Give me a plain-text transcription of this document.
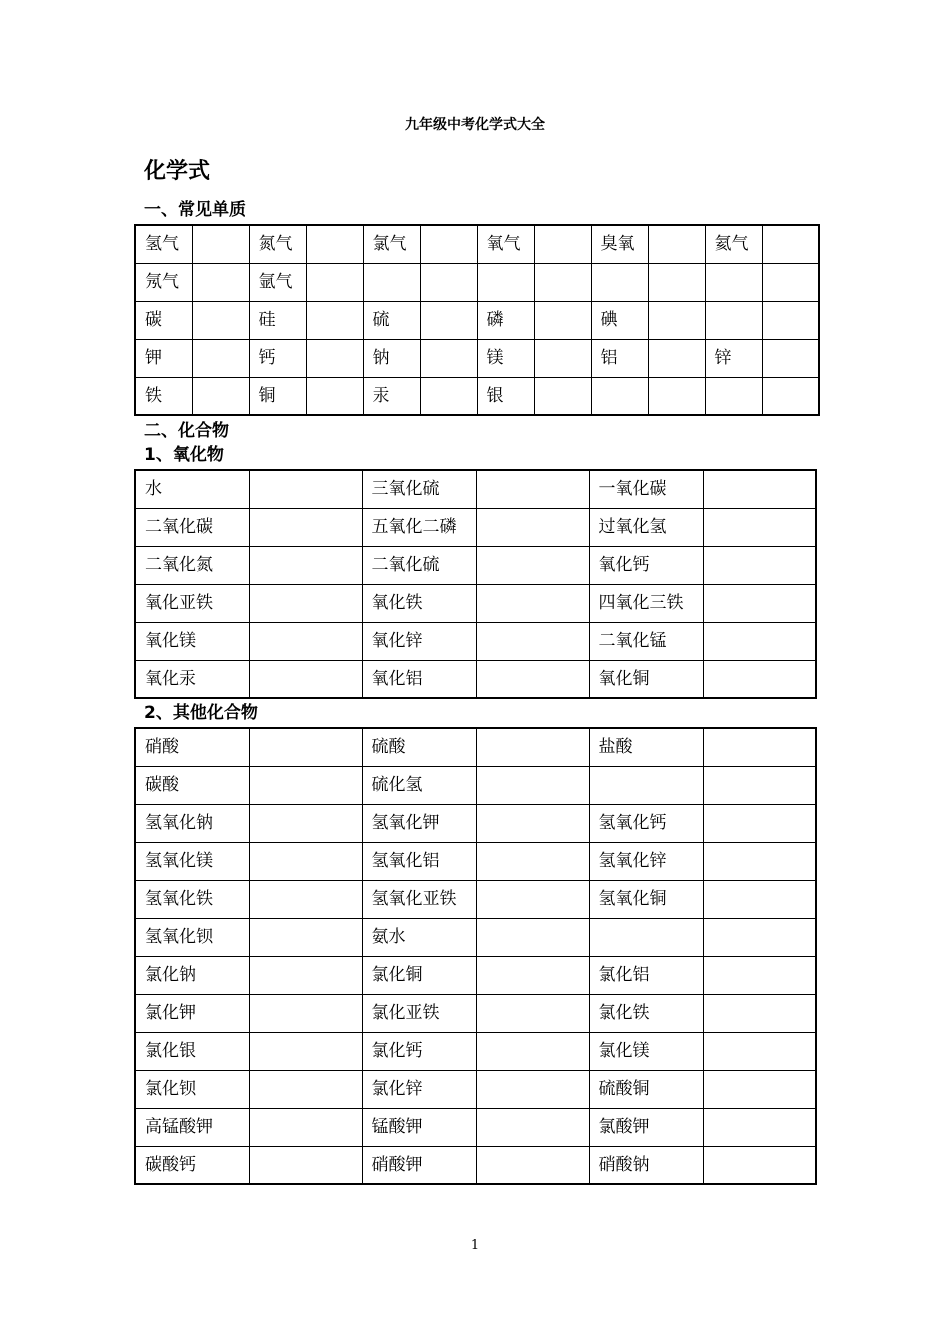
九年级中考化学式大全
化学式
一、常见单质
氢气		氮气		氯气		氧气		臭氧		氦气	
氖气		氩气									
碳		硅		硫		磷		碘			
钾		钙		钠		镁		铝		锌	
铁		铜		汞		银					
二、化合物
1、氧化物
水		三氧化硫		一氧化碳	
二氧化碳		五氧化二磷		过氧化氢	
二氧化氮		二氧化硫		氧化钙	
氧化亚铁		氧化铁		四氧化三铁	
氧化镁		氧化锌		二氧化锰	
氧化汞		氧化铝		氧化铜	
2、其他化合物
硝酸		硫酸		盐酸	
碳酸		硫化氢			
氢氧化钠		氢氧化钾		氢氧化钙	
氢氧化镁		氢氧化铝		氢氧化锌	
氢氧化铁		氢氧化亚铁		氢氧化铜	
氢氧化钡		氨水			
氯化钠		氯化铜		氯化铝	
氯化钾		氯化亚铁		氯化铁	
氯化银		氯化钙		氯化镁	
氯化钡		氯化锌		硫酸铜	
高锰酸钾		锰酸钾		氯酸钾	
碳酸钙		硝酸钾		硝酸钠	
1
